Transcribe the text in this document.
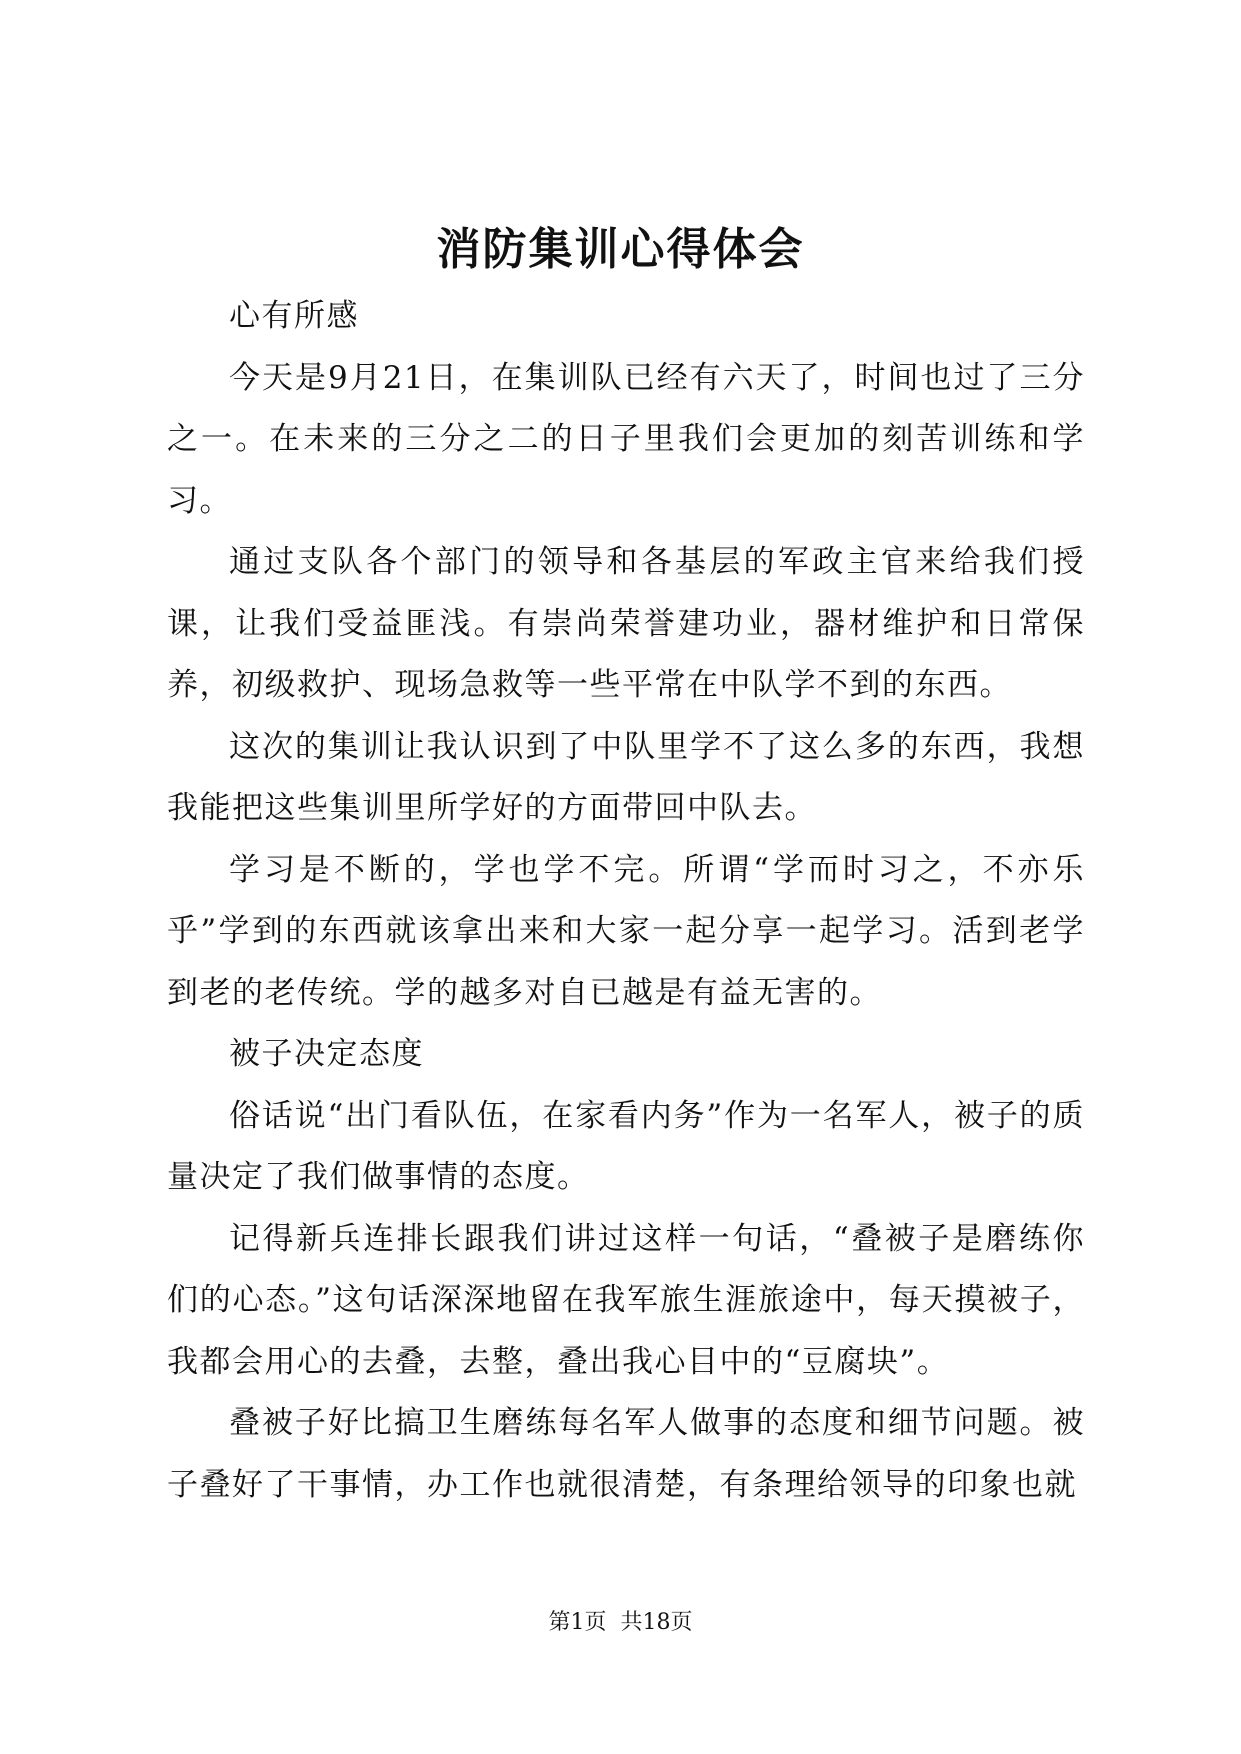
消防集训心得体会

心有所感

今天是9月21日，在集训队已经有六天了，时间也过了三分之一。在未来的三分之二的日子里我们会更加的刻苦训练和学习。

通过支队各个部门的领导和各基层的军政主官来给我们授课，让我们受益匪浅。有崇尚荣誉建功业，器材维护和日常保养，初级救护、现场急救等一些平常在中队学不到的东西。

这次的集训让我认识到了中队里学不了这么多的东西，我想我能把这些集训里所学好的方面带回中队去。

学习是不断的，学也学不完。所谓“学而时习之，不亦乐乎”学到的东西就该拿出来和大家一起分享一起学习。活到老学到老的老传统。学的越多对自已越是有益无害的。

被子决定态度

俗话说“出门看队伍，在家看内务”作为一名军人，被子的质量决定了我们做事情的态度。

记得新兵连排长跟我们讲过这样一句话，“叠被子是磨练你们的心态。”这句话深深地留在我军旅生涯旅途中，每天摸被子，我都会用心的去叠，去整，叠出我心目中的“豆腐块”。

叠被子好比搞卫生磨练每名军人做事的态度和细节问题。被子叠好了干事情，办工作也就很清楚，有条理给领导的印象也就

第1页  共18页
